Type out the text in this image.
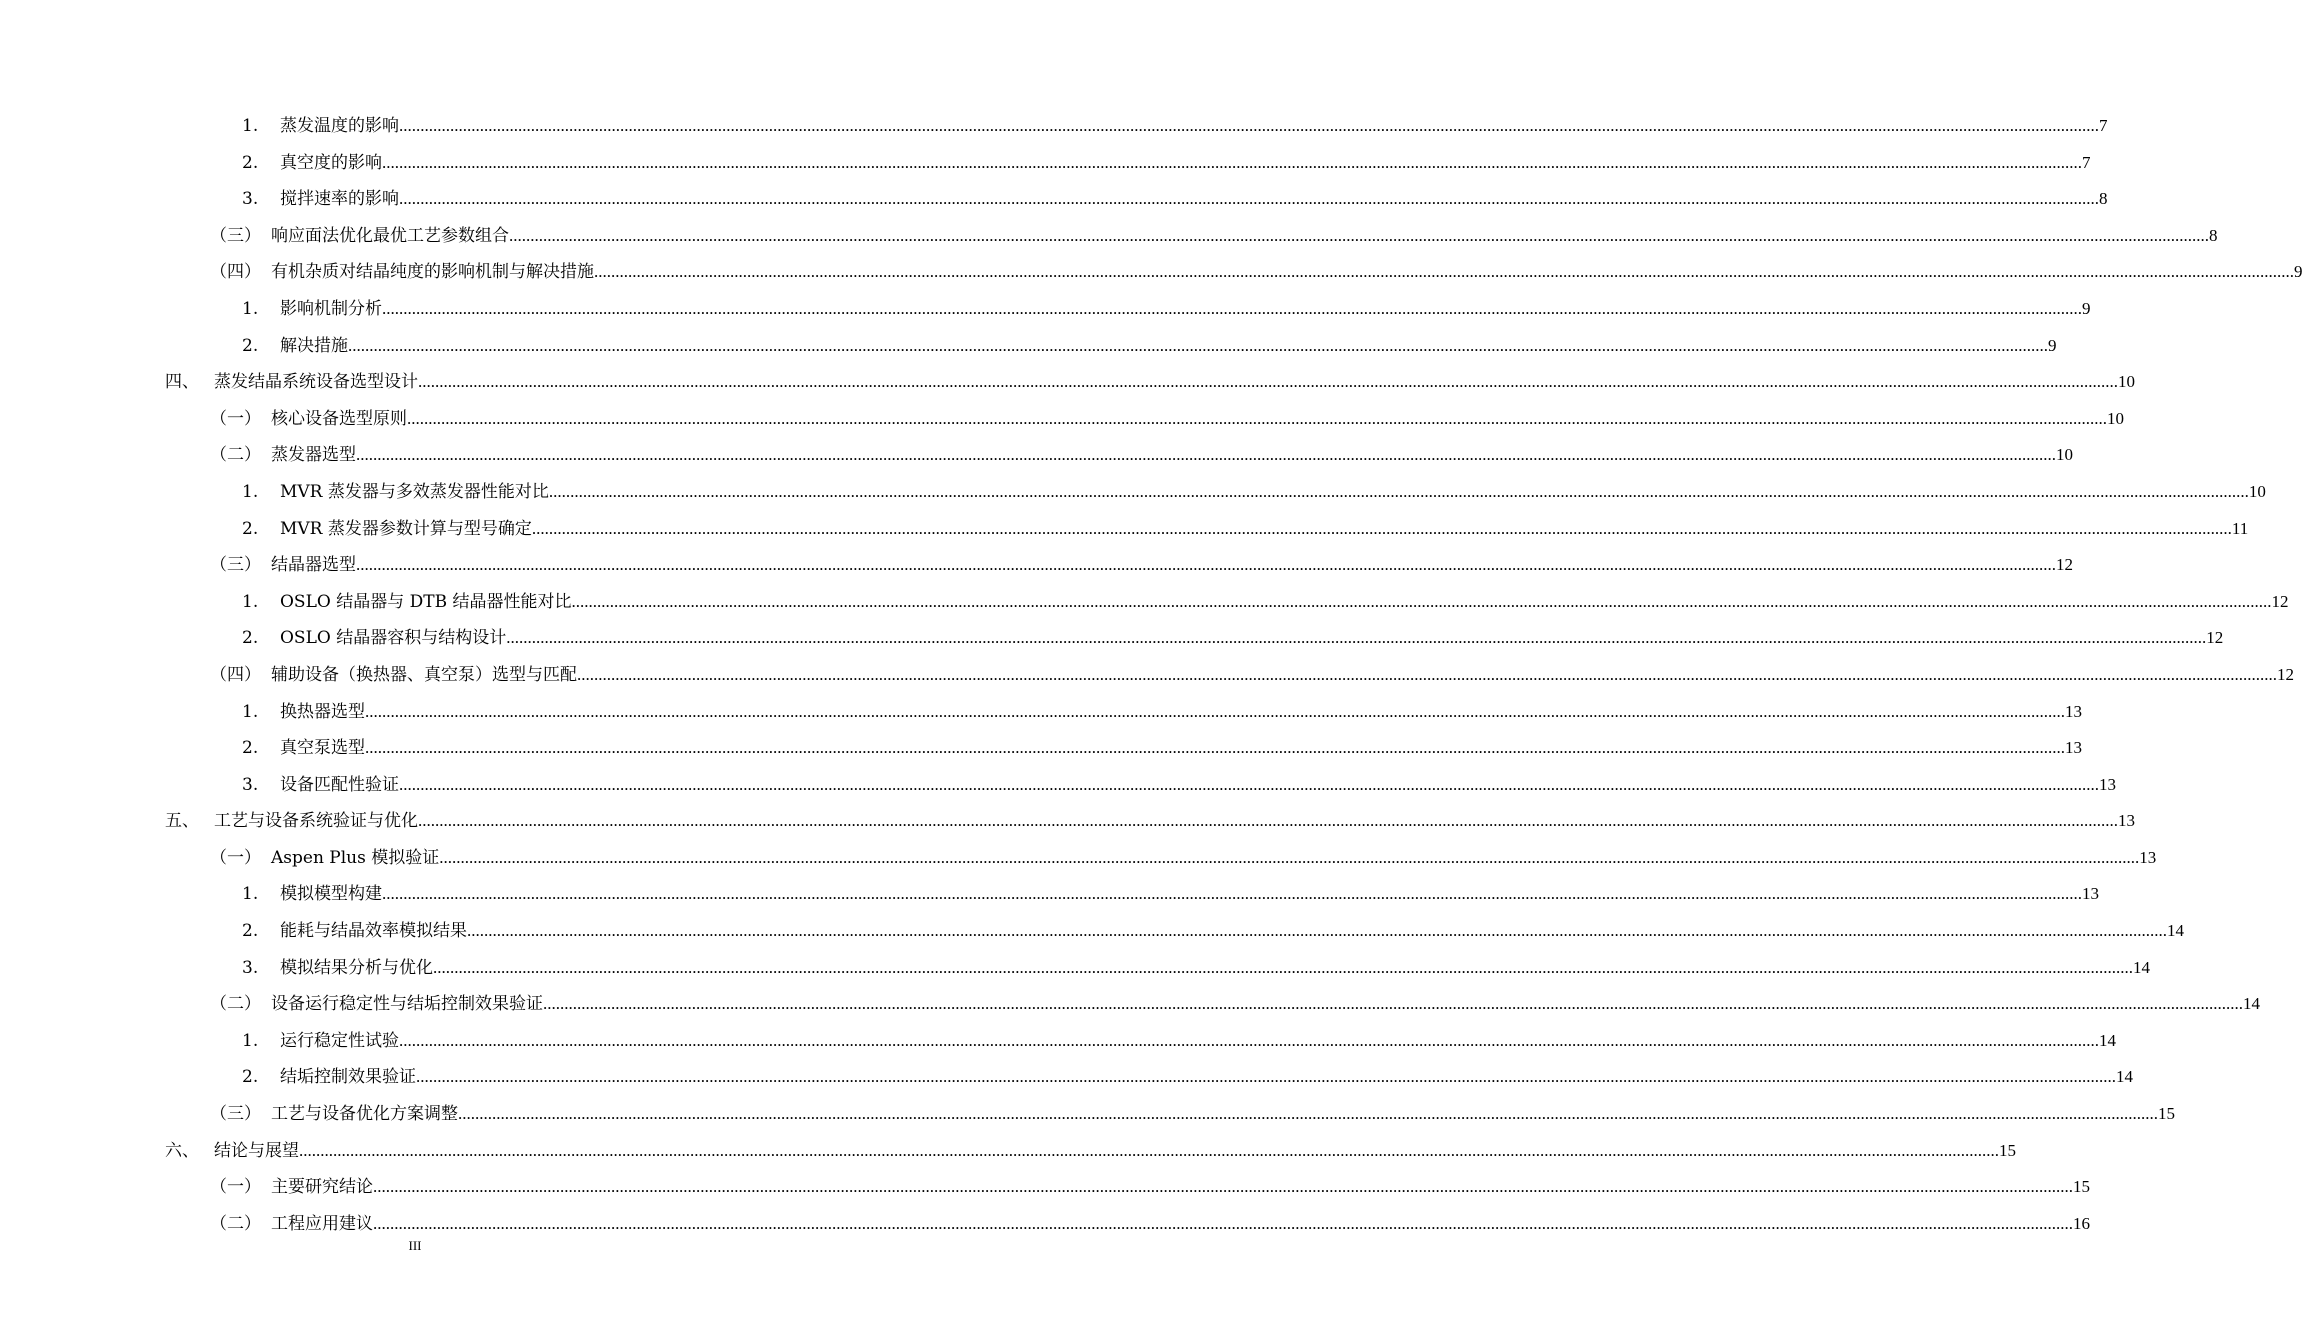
1. 蒸发温度的影响 ................................................................................................................................................................................................................................................................................................................................................................................................................ 7
2. 真空度的影响 ................................................................................................................................................................................................................................................................................................................................................................................................................ 7
3. 搅拌速率的影响 ................................................................................................................................................................................................................................................................................................................................................................................................................ 8
（三） 响应面法优化最优工艺参数组合 ................................................................................................................................................................................................................................................................................................................................................................................................................ 8
（四） 有机杂质对结晶纯度的影响机制与解决措施 ................................................................................................................................................................................................................................................................................................................................................................................................................ 9
1. 影响机制分析 ................................................................................................................................................................................................................................................................................................................................................................................................................ 9
2. 解决措施 ................................................................................................................................................................................................................................................................................................................................................................................................................ 9
四、 蒸发结晶系统设备选型设计 ................................................................................................................................................................................................................................................................................................................................................................................................................ 10
（一） 核心设备选型原则 ................................................................................................................................................................................................................................................................................................................................................................................................................ 10
（二） 蒸发器选型 ................................................................................................................................................................................................................................................................................................................................................................................................................ 10
1. MVR 蒸发器与多效蒸发器性能对比 ................................................................................................................................................................................................................................................................................................................................................................................................................ 10
2. MVR 蒸发器参数计算与型号确定 ................................................................................................................................................................................................................................................................................................................................................................................................................ 11
（三） 结晶器选型 ................................................................................................................................................................................................................................................................................................................................................................................................................ 12
1. OSLO 结晶器与 DTB 结晶器性能对比 ................................................................................................................................................................................................................................................................................................................................................................................................................ 12
2. OSLO 结晶器容积与结构设计 ................................................................................................................................................................................................................................................................................................................................................................................................................ 12
（四） 辅助设备（换热器、真空泵）选型与匹配 ................................................................................................................................................................................................................................................................................................................................................................................................................ 12
1. 换热器选型 ................................................................................................................................................................................................................................................................................................................................................................................................................ 13
2. 真空泵选型 ................................................................................................................................................................................................................................................................................................................................................................................................................ 13
3. 设备匹配性验证 ................................................................................................................................................................................................................................................................................................................................................................................................................ 13
五、 工艺与设备系统验证与优化 ................................................................................................................................................................................................................................................................................................................................................................................................................ 13
（一） Aspen Plus 模拟验证 ................................................................................................................................................................................................................................................................................................................................................................................................................ 13
1. 模拟模型构建 ................................................................................................................................................................................................................................................................................................................................................................................................................ 13
2. 能耗与结晶效率模拟结果 ................................................................................................................................................................................................................................................................................................................................................................................................................ 14
3. 模拟结果分析与优化 ................................................................................................................................................................................................................................................................................................................................................................................................................ 14
（二） 设备运行稳定性与结垢控制效果验证 ................................................................................................................................................................................................................................................................................................................................................................................................................ 14
1. 运行稳定性试验 ................................................................................................................................................................................................................................................................................................................................................................................................................ 14
2. 结垢控制效果验证 ................................................................................................................................................................................................................................................................................................................................................................................................................ 14
（三） 工艺与设备优化方案调整 ................................................................................................................................................................................................................................................................................................................................................................................................................ 15
六、 结论与展望 ................................................................................................................................................................................................................................................................................................................................................................................................................ 15
（一） 主要研究结论 ................................................................................................................................................................................................................................................................................................................................................................................................................ 15
（二） 工程应用建议 ................................................................................................................................................................................................................................................................................................................................................................................................................ 16
III
